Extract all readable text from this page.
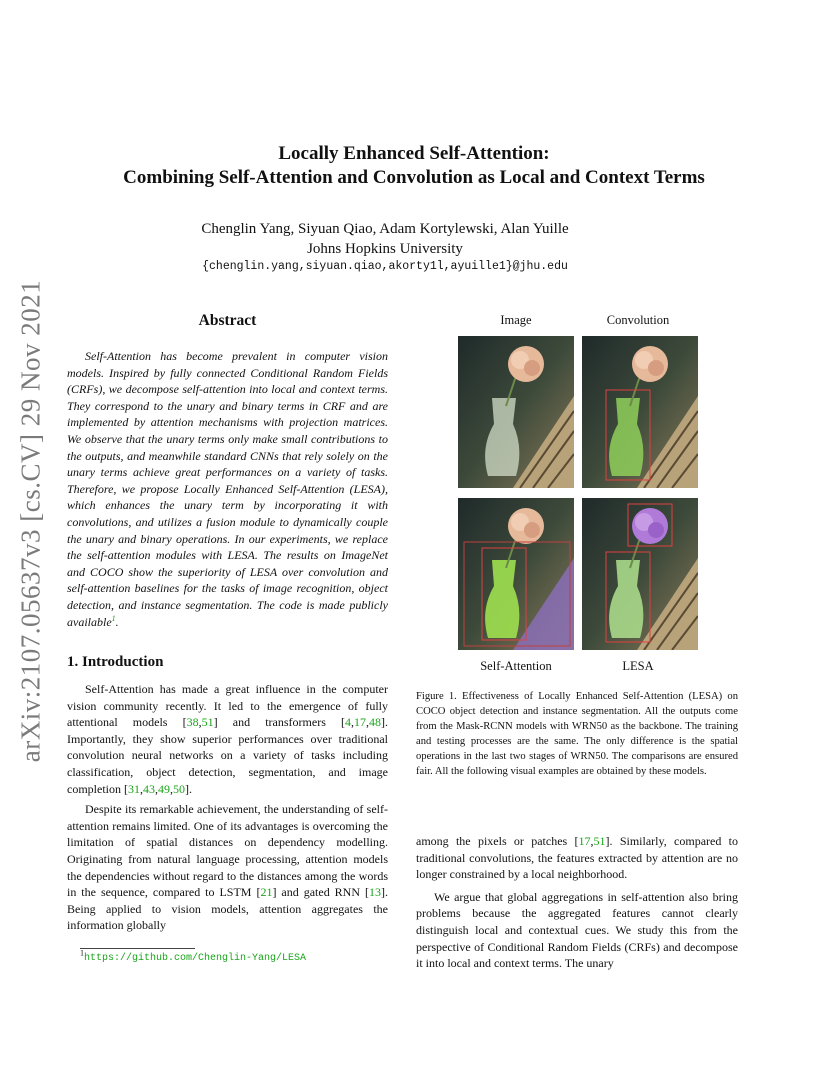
Locally Enhanced Self-Attention:
Combining Self-Attention and Convolution as Local and Context Terms
Chenglin Yang, Siyuan Qiao, Adam Kortylewski, Alan Yuille
Johns Hopkins University
{chenglin.yang,siyuan.qiao,akorty1l,ayuille1}@jhu.edu
arXiv:2107.05637v3 [cs.CV] 29 Nov 2021	Abstract

Self-Attention has become prevalent in computer vision models. Inspired by fully connected Conditional Random Fields (CRFs), we decompose self-attention into local and context terms. They correspond to the unary and binary terms in CRF and are implemented by attention mechanisms with projection matrices. We observe that the unary terms only make small contributions to the outputs, and meanwhile standard CNNs that rely solely on the unary terms achieve great performances on a variety of tasks. Therefore, we propose Locally Enhanced Self-Attention (LESA), which enhances the unary term by incorporating it with convolutions, and utilizes a fusion module to dynamically couple the unary and binary operations. In our experiments, we replace the self-attention modules with LESA. The results on ImageNet and COCO show the superiority of LESA over convolution and self-attention baselines for the tasks of image recognition, object detection, and instance segmentation. The code is made publicly available$^1$.

1. Introduction

Self-Attention has made a great influence in the computer vision community recently. It led to the emergence of fully attentional models [38,51] and transformers [4,17,48]. Importantly, they show superior performances over traditional convolution neural networks on a variety of tasks including classification, object detection, segmentation, and image completion [31,43,49,50].

Despite its remarkable achievement, the understanding of self-attention remains limited. One of its advantages is overcoming the limitation of spatial distances on dependency modelling. Originating from natural language processing, attention models the dependencies without regard to the distances among the words in the sequence, compared to LSTM [21] and gated RNN [13]. Being applied to vision models, attention aggregates the information globally

$^1$https://github.com/Chenglin-Yang/LESA
Image	Convolution
Self-Attention	LESA
Figure 1. Effectiveness of Locally Enhanced Self-Attention (LESA) on COCO object detection and instance segmentation. All the outputs come from the Mask-RCNN models with WRN50 as the backbone. The training and testing processes are the same. The only difference is the spatial operations in the last two stages of WRN50. The comparisons are ensured fair. All the following visual examples are obtained by these models.

among the pixels or patches [17,51]. Similarly, compared to traditional convolutions, the features extracted by attention are no longer constrained by a local neighborhood.

We argue that global aggregations in self-attention also bring problems because the aggregated features cannot clearly distinguish local and contextual cues. We study this from the perspective of Conditional Random Fields (CRFs) and decompose it into local and context terms. The unary
